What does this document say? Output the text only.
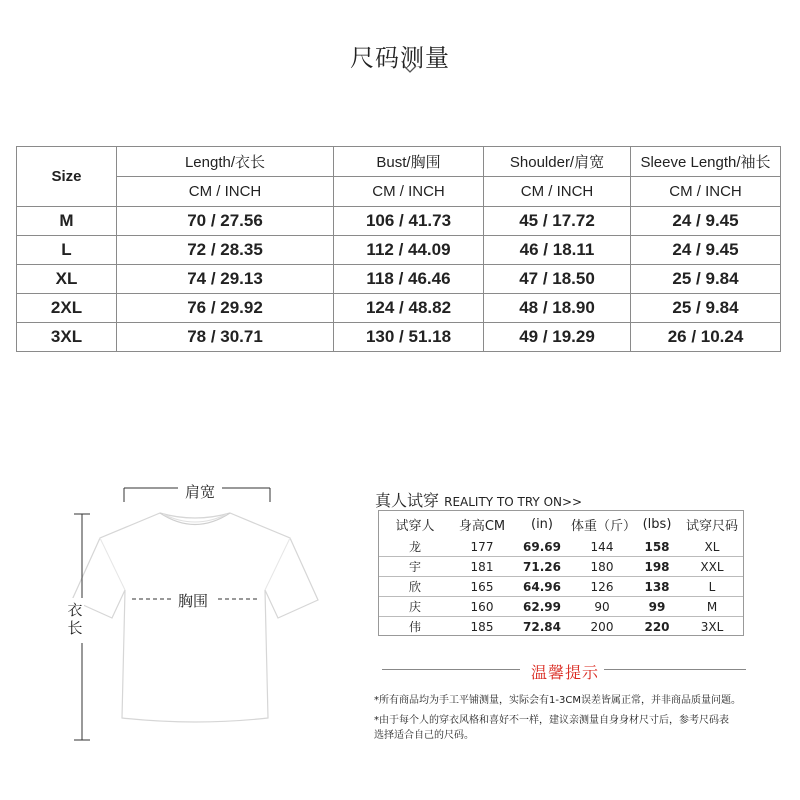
尺码测量
Size	Length/衣长	Bust/胸围	Shoulder/肩宽	Sleeve Length/袖长
	CM / INCH	CM / INCH	CM / INCH	CM / INCH
M	70 / 27.56	106 / 41.73	45 / 17.72	24 / 9.45
L	72 / 28.35	112 / 44.09	46 / 18.11	24 / 9.45
XL	74 / 29.13	118 / 46.46	47 / 18.50	25 / 9.84
2XL	76 / 29.92	124 / 48.82	48 / 18.90	25 / 9.84
3XL	78 / 30.71	130 / 51.18	49 / 19.29	26 / 10.24
肩宽
胸围
衣长
真人试穿 REALITY TO TRY ON>>
试穿人	身高CM	(in)	体重（斤）	(lbs)	试穿尺码
龙	177	69.69	144	158	XL
宇	181	71.26	180	198	XXL
欣	165	64.96	126	138	L
庆	160	62.99	90	99	M
伟	185	72.84	200	220	3XL
温馨提示
*所有商品均为手工平铺测量，实际会有1-3CM误差皆属正常，并非商品质量问题。
*由于每个人的穿衣风格和喜好不一样，建议亲测量自身身材尺寸后，参考尺码表
选择适合自己的尺码。
